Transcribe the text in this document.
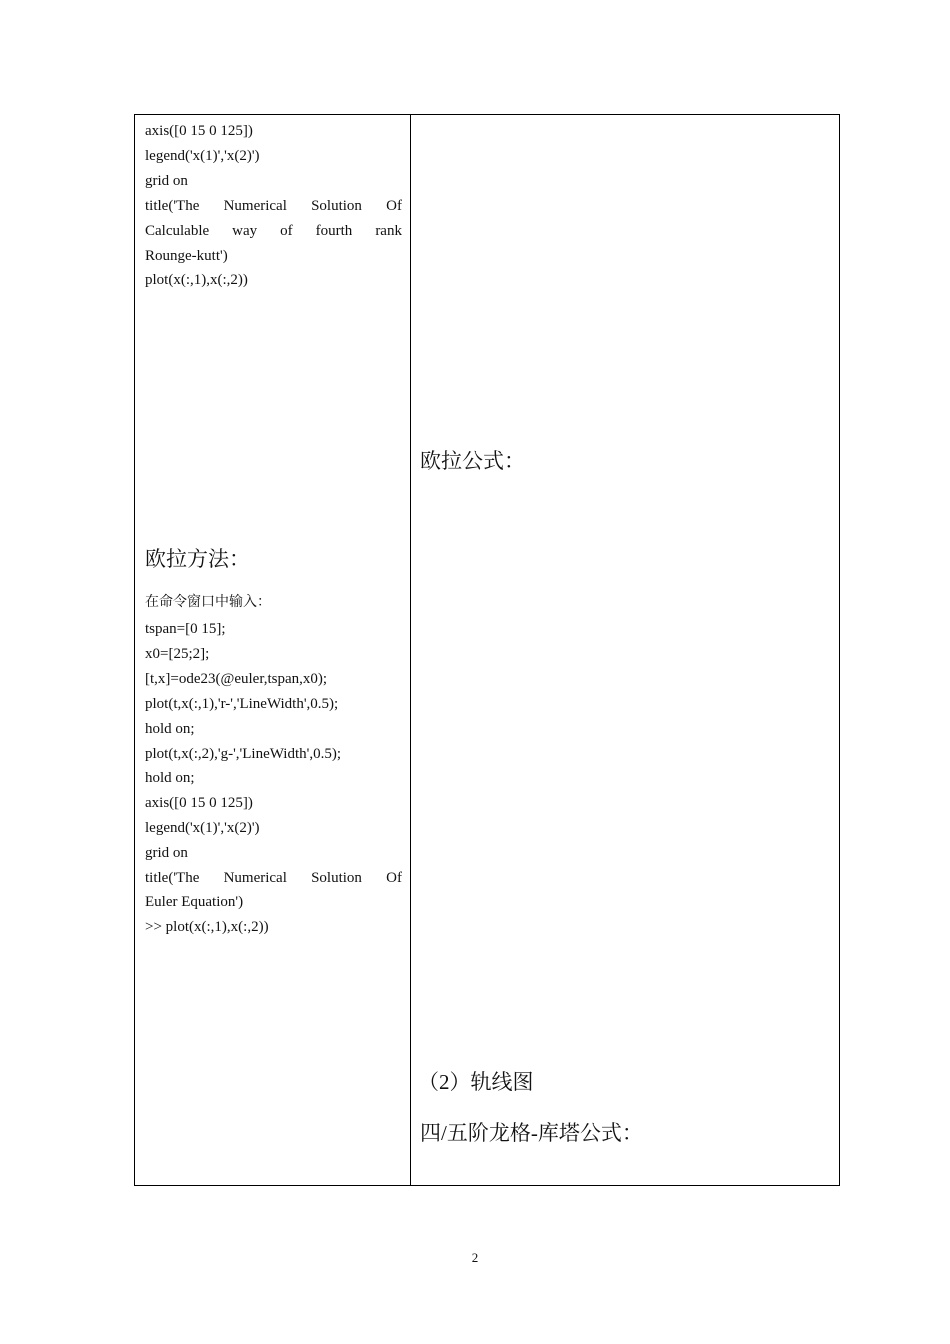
axis([0 15 0 125])
legend('x(1)','x(2)')
grid on
title('The Numerical Solution Of
Calculable way of fourth rank
Rounge-kutt')
plot(x(:,1),x(:,2))
欧拉方法：
在命令窗口中输入：
tspan=[0 15];
x0=[25;2];
[t,x]=ode23(@euler,tspan,x0);
plot(t,x(:,1),'r-','LineWidth',0.5);
hold on;
plot(t,x(:,2),'g-','LineWidth',0.5);
hold on;
axis([0 15 0 125])
legend('x(1)','x(2)')
grid on
title('The Numerical Solution Of
Euler Equation')
>> plot(x(:,1),x(:,2))
欧拉公式：
（2）轨线图
四/五阶龙格-库塔公式：
2
